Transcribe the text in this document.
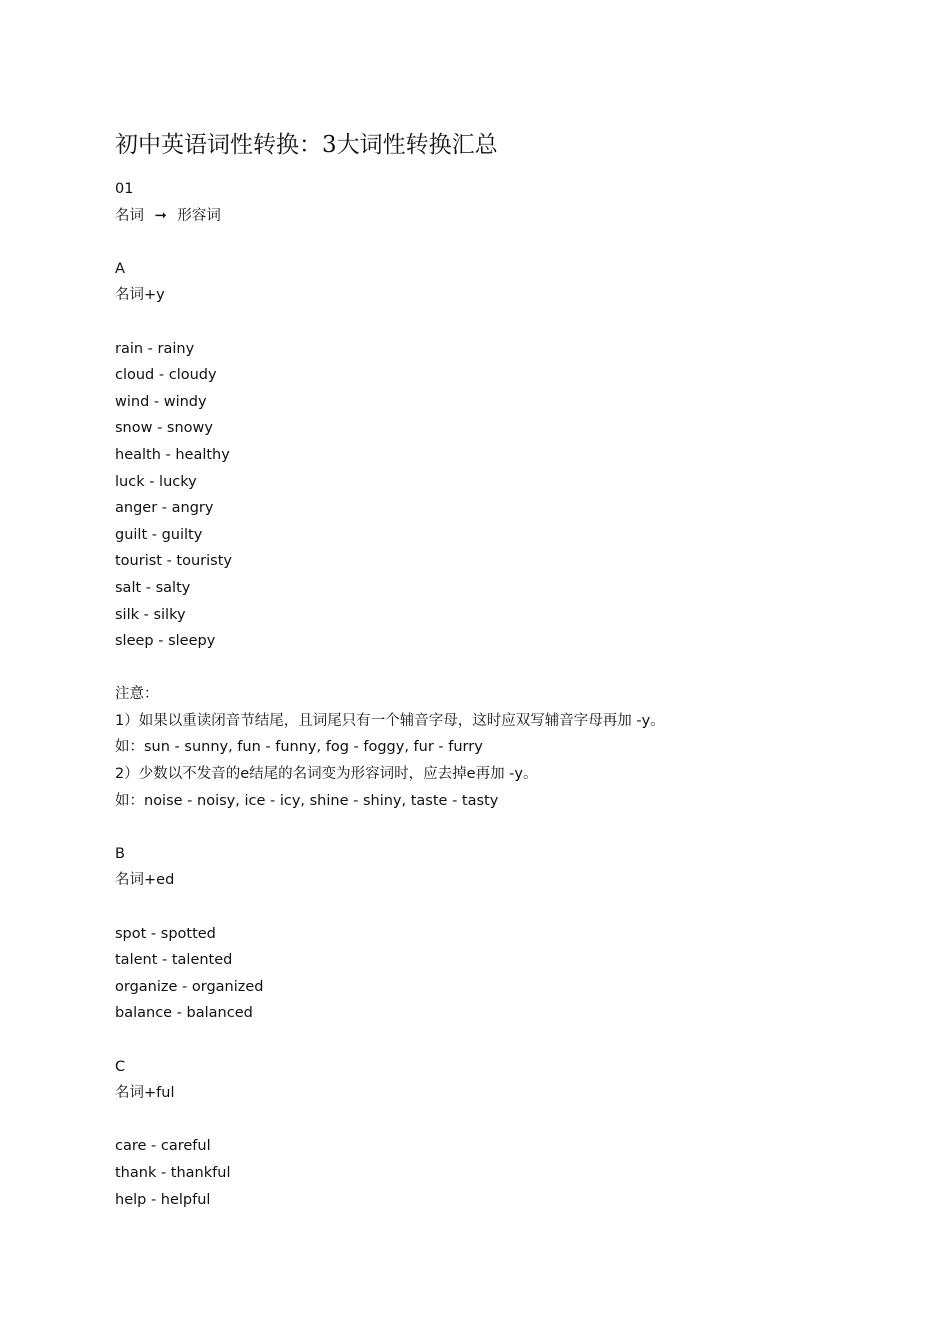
初中英语词性转换：3大词性转换汇总
01
名词 ➞ 形容词
A
名词+y
rain - rainy
cloud - cloudy
wind - windy
snow - snowy
health - healthy
luck - lucky
anger - angry
guilt - guilty
tourist - touristy
salt - salty
silk - silky
sleep - sleepy
注意：
1）如果以重读闭音节结尾，且词尾只有一个辅音字母，这时应双写辅音字母再加 -y。
如：sun - sunny, fun - funny, fog - foggy, fur - furry
2）少数以不发音的e结尾的名词变为形容词时，应去掉e再加 -y。
如：noise - noisy, ice - icy, shine - shiny, taste - tasty
B
名词+ed
spot - spotted
talent - talented
organize - organized
balance - balanced
C
名词+ful
care - careful
thank - thankful
help - helpful
